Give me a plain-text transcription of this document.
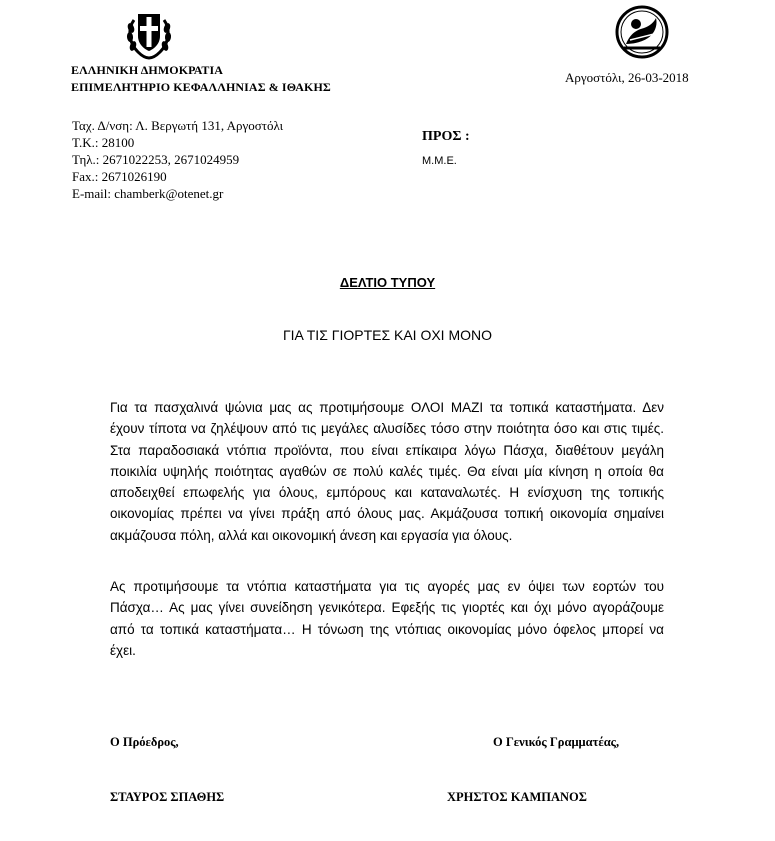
ΕΛΛΗΝΙΚΗ ΔΗΜΟΚΡΑΤΙΑ
ΕΠΙΜΕΛΗΤΗΡΙΟ ΚΕΦΑΛΛΗΝΙΑΣ & ΙΘΑΚΗΣ
Αργοστόλι, 26-03-2018
Ταχ. Δ/νση: Λ. Βεργωτή 131, Αργοστόλι
Τ.Κ.: 28100
Τηλ.: 2671022253, 2671024959
Fax.: 2671026190
E-mail: chamberk@otenet.gr
ΠΡΟΣ :
Μ.Μ.Ε.
ΔΕΛΤΙΟ ΤΥΠΟΥ
ΓΙΑ ΤΙΣ ΓΙΟΡΤΕΣ ΚΑΙ ΟΧΙ ΜΟΝΟ
Για τα πασχαλινά ψώνια μας ας προτιμήσουμε ΟΛΟΙ ΜΑΖΙ τα τοπικά καταστήματα. Δεν έχουν τίποτα να ζηλέψουν από τις μεγάλες αλυσίδες τόσο στην ποιότητα όσο και στις τιμές. Στα παραδοσιακά ντόπια προϊόντα, που είναι επίκαιρα λόγω Πάσχα, διαθέτουν μεγάλη ποικιλία υψηλής ποιότητας αγαθών σε πολύ καλές τιμές. Θα είναι μία κίνηση η οποία θα αποδειχθεί επωφελής για όλους, εμπόρους και καταναλωτές. Η ενίσχυση της τοπικής οικονομίας πρέπει να γίνει πράξη από όλους μας. Ακμάζουσα τοπική οικονομία σημαίνει ακμάζουσα πόλη, αλλά και οικονομική άνεση και εργασία για όλους.
Ας προτιμήσουμε τα ντόπια καταστήματα για τις αγορές μας εν όψει των εορτών του Πάσχα… Ας μας γίνει συνείδηση γενικότερα. Εφεξής τις γιορτές και όχι μόνο αγοράζουμε από τα τοπικά καταστήματα… Η τόνωση της ντόπιας οικονομίας μόνο όφελος μπορεί να έχει.
Ο Πρόεδρος,	Ο Γενικός Γραμματέας,
ΣΤΑΥΡΟΣ ΣΠΑΘΗΣ	ΧΡΗΣΤΟΣ ΚΑΜΠΑΝΟΣ
